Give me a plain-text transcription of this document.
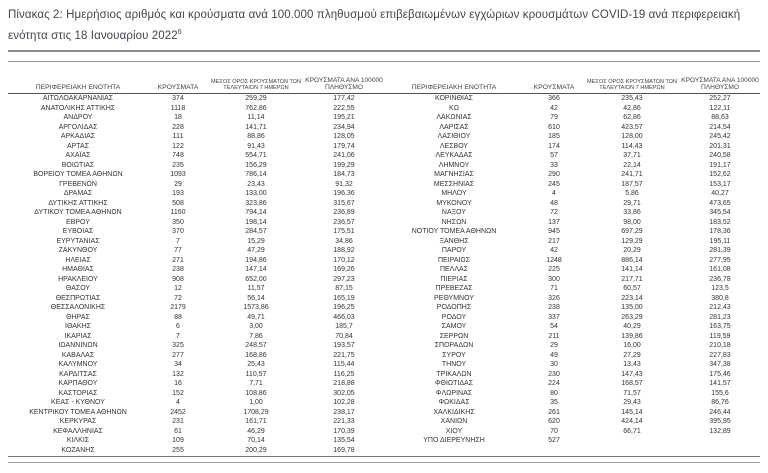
Πίνακας 2: Ημερήσιος αριθμός και κρούσματα ανά 100.000 πληθυσμού επιβεβαιωμένων εγχώριων κρουσμάτων COVID-19 ανά περιφερειακή ενότητα στις 18 Ιανουαρίου 2022$^6$
ΠΕΡΙΦΕΡΕΙΑΚΗ ΕΝΟΤΗΤΑ	ΚΡΟΥΣΜΑΤΑ	ΜΕΣΟΣ ΟΡΟΣ ΚΡΟΥΣΜΑΤΩΝ ΤΩΝ ΤΕΛΕΥΤΑΙΩΝ 7 ΗΜΕΡΩΝ	ΚΡΟΥΣΜΑΤΑ ΑΝΑ 100000 ΠΛΗΘΥΣΜΟ
ΑΙΤΩΛΟΑΚΑΡΝΑΝΙΑΣ	374	259,29	177,42
ΑΝΑΤΟΛΙΚΗΣ ΑΤΤΙΚΗΣ	1118	762,86	222,55
ΑΝΔΡΟΥ	18	11,14	195,21
ΑΡΓΟΛΙΔΑΣ	228	141,71	234,94
ΑΡΚΑΔΙΑΣ	111	88,86	128,05
ΑΡΤΑΣ	122	91,43	179,74
ΑΧΑΪΑΣ	748	554,71	241,06
ΒΟΙΩΤΙΑΣ	235	156,29	199,29
ΒΟΡΕΙΟΥ ΤΟΜΕΑ ΑΘΗΝΩΝ	1093	786,14	184,73
ΓΡΕΒΕΝΩΝ	29	23,43	91,32
ΔΡΑΜΑΣ	193	133,00	196,36
ΔΥΤΙΚΗΣ ΑΤΤΙΚΗΣ	508	323,86	315,67
ΔΥΤΙΚΟΥ ΤΟΜΕΑ ΑΘΗΝΩΝ	1160	794,14	236,89
ΕΒΡΟΥ	350	198,14	236,57
ΕΥΒΟΙΑΣ	370	284,57	175,51
ΕΥΡΥΤΑΝΙΑΣ	7	15,29	34,86
ΖΑΚΥΝΘΟΥ	77	47,29	188,92
ΗΛΕΙΑΣ	271	194,86	170,12
ΗΜΑΘΙΑΣ	238	147,14	169,26
ΗΡΑΚΛΕΙΟΥ	908	652,00	297,23
ΘΑΣΟΥ	12	11,57	87,15
ΘΕΣΠΡΩΤΙΑΣ	72	56,14	165,19
ΘΕΣΣΑΛΟΝΙΚΗΣ	2179	1573,86	196,25
ΘΗΡΑΣ	88	49,71	466,03
ΙΘΑΚΗΣ	6	3,00	185,7
ΙΚΑΡΙΑΣ	7	7,86	70,84
ΙΩΑΝΝΙΝΩΝ	325	248,57	193,57
ΚΑΒΑΛΑΣ	277	168,86	221,75
ΚΑΛΥΜΝΟΥ	34	25,43	115,44
ΚΑΡΔΙΤΣΑΣ	132	110,57	116,25
ΚΑΡΠΑΘΟΥ	16	7,71	218,88
ΚΑΣΤΟΡΙΑΣ	152	108,86	302,05
ΚΕΑΣ - ΚΥΘΝΟΥ	4	1,00	102,28
ΚΕΝΤΡΙΚΟΥ ΤΟΜΕΑ ΑΘΗΝΩΝ	2452	1708,29	238,17
ΚΕΡΚΥΡΑΣ	231	161,71	221,33
ΚΕΦΑΛΛΗΝΙΑΣ	61	46,29	170,39
ΚΙΛΚΙΣ	109	70,14	135,54
ΚΟΖΑΝΗΣ	255	200,29	169,78
ΠΕΡΙΦΕΡΕΙΑΚΗ ΕΝΟΤΗΤΑ	ΚΡΟΥΣΜΑΤΑ	ΜΕΣΟΣ ΟΡΟΣ ΚΡΟΥΣΜΑΤΩΝ ΤΩΝ ΤΕΛΕΥΤΑΙΩΝ 7 ΗΜΕΡΩΝ	ΚΡΟΥΣΜΑΤΑ ΑΝΑ 100000 ΠΛΗΘΥΣΜΟ
ΚΟΡΙΝΘΙΑΣ	366	235,43	252,27
ΚΩ	42	42,86	122,11
ΛΑΚΩΝΙΑΣ	79	62,86	88,63
ΛΑΡΙΣΑΣ	610	423,57	214,54
ΛΑΣΙΘΙΟΥ	185	128,00	245,42
ΛΕΣΒΟΥ	174	114,43	201,31
ΛΕΥΚΑΔΑΣ	57	37,71	240,58
ΛΗΜΝΟΥ	33	22,14	191,17
ΜΑΓΝΗΣΙΑΣ	290	241,71	152,62
ΜΕΣΣΗΝΙΑΣ	245	187,57	153,17
ΜΗΛΟΥ	4	5,86	40,27
ΜΥΚΟΝΟΥ	48	29,71	473,65
ΝΑΞΟΥ	72	33,86	345,54
ΝΗΣΩΝ	137	98,00	183,52
ΝΟΤΙΟΥ ΤΟΜΕΑ ΑΘΗΝΩΝ	945	697,29	178,36
ΞΑΝΘΗΣ	217	129,29	195,11
ΠΑΡΟΥ	42	20,29	281,39
ΠΕΙΡΑΙΩΣ	1248	886,14	277,95
ΠΕΛΛΑΣ	225	141,14	161,08
ΠΙΕΡΙΑΣ	300	217,71	236,78
ΠΡΕΒΕΖΑΣ	71	60,57	123,5
ΡΕΘΥΜΝΟΥ	326	223,14	380,8
ΡΟΔΟΠΗΣ	238	135,00	212,43
ΡΟΔΟΥ	337	263,29	281,23
ΣΑΜΟΥ	54	40,29	163,75
ΣΕΡΡΩΝ	211	139,86	119,59
ΣΠΟΡΑΔΩΝ	29	16,00	210,18
ΣΥΡΟΥ	49	27,29	227,83
ΤΗΝΟΥ	30	13,43	347,38
ΤΡΙΚΑΛΩΝ	230	147,43	175,46
ΦΘΙΩΤΙΔΑΣ	224	168,57	141,57
ΦΛΩΡΙΝΑΣ	80	71,57	155,6
ΦΩΚΙΔΑΣ	35	29,43	86,76
ΧΑΛΚΙΔΙΚΗΣ	261	145,14	246,44
ΧΑΝΙΩΝ	620	424,14	395,95
ΧΙΟΥ	70	66,71	132,89
ΥΠΟ ΔΙΕΡΕΥΝΗΣΗ	527		
